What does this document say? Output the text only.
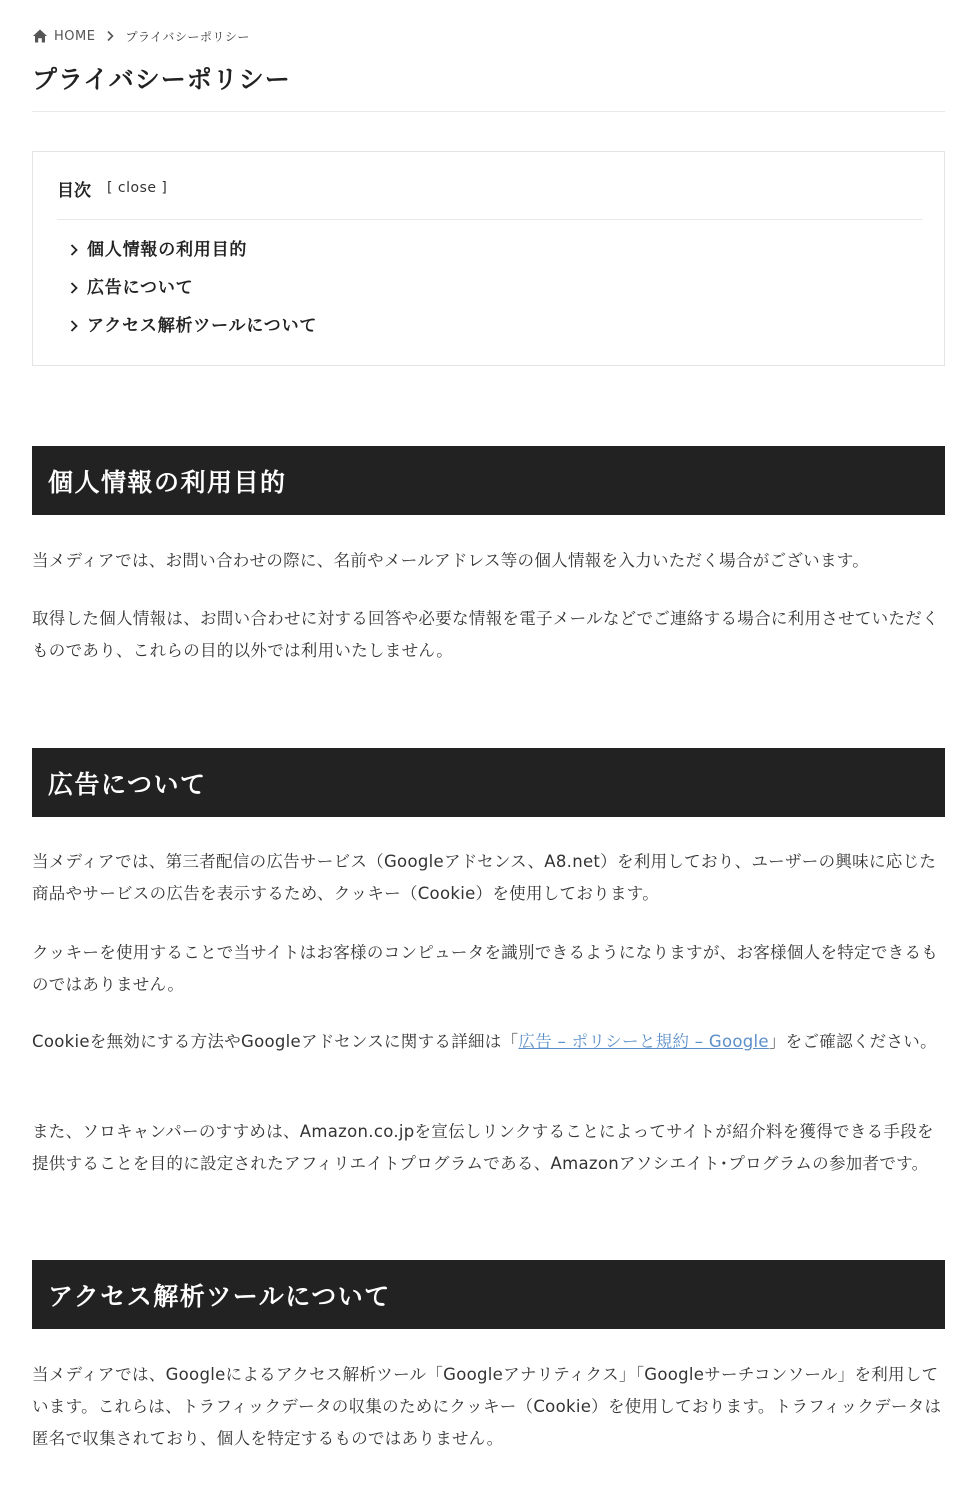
HOME	プライバシーポリシー
プライバシーポリシー
目次 [ close ]
個人情報の利用目的
広告について
アクセス解析ツールについて
個人情報の利用目的

当メディアでは、お問い合わせの際に、名前やメールアドレス等の個人情報を入力いただく場合がございます。

取得した個人情報は、お問い合わせに対する回答や必要な情報を電子メールなどでご連絡する場合に利用させていただくものであり、これらの目的以外では利用いたしません。

広告について

当メディアでは、第三者配信の広告サービス（Googleアドセンス、A8.net）を利用しており、ユーザーの興味に応じた商品やサービスの広告を表示するため、クッキー（Cookie）を使用しております。

クッキーを使用することで当サイトはお客様のコンピュータを識別できるようになりますが、お客様個人を特定できるものではありません。

Cookieを無効にする方法やGoogleアドセンスに関する詳細は「広告 – ポリシーと規約 – Google」をご確認ください。

また、ソロキャンパーのすすめは、Amazon.co.jpを宣伝しリンクすることによってサイトが紹介料を獲得できる手段を提供することを目的に設定されたアフィリエイトプログラムである、Amazonアソシエイト･プログラムの参加者です。

アクセス解析ツールについて

当メディアでは、Googleによるアクセス解析ツール「Googleアナリティクス」「Googleサーチコンソール」を利用しています。これらは、トラフィックデータの収集のためにクッキー（Cookie）を使用しております。トラフィックデータは匿名で収集されており、個人を特定するものではありません。
